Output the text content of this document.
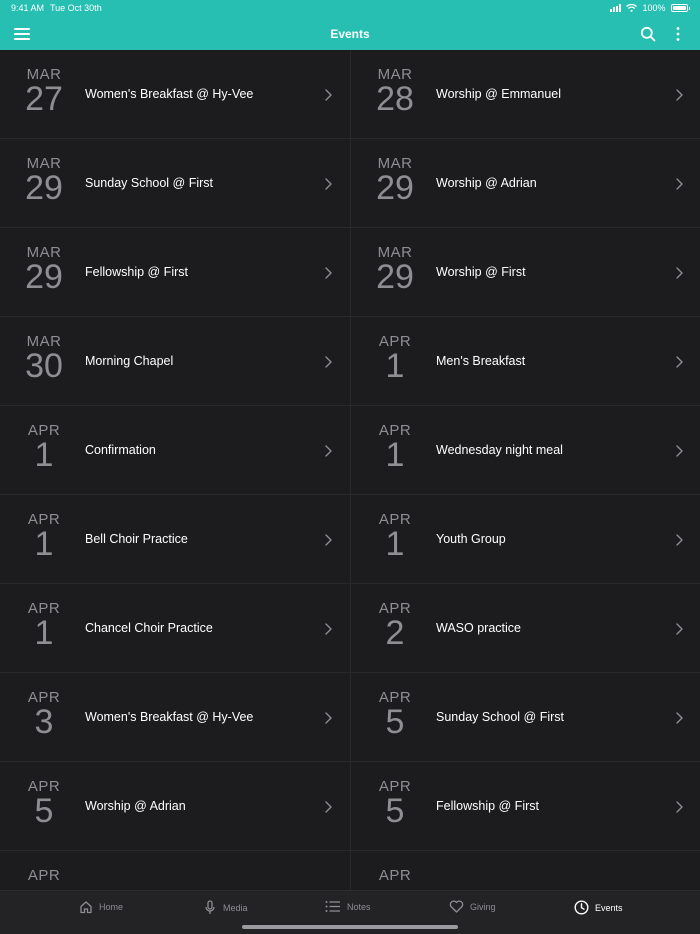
9:41 AM Tue Oct 30th	100%
Events
MAR
27	Women's Breakfast @ Hy-Vee
MAR
28	Worship @ Emmanuel
MAR
29	Sunday School @ First
MAR
29	Worship @ Adrian
MAR
29	Fellowship @ First
MAR
29	Worship @ First
MAR
30	Morning Chapel
APR
1	Men's Breakfast
APR
1	Confirmation
APR
1	Wednesday night meal
APR
1	Bell Choir Practice
APR
1	Youth Group
APR
1	Chancel Choir Practice
APR
2	WASO practice
APR
3	Women's Breakfast @ Hy-Vee
APR
5	Sunday School @ First
APR
5	Worship @ Adrian
APR
5	Fellowship @ First
APR	APR
Home	Media	Notes	Giving	Events
